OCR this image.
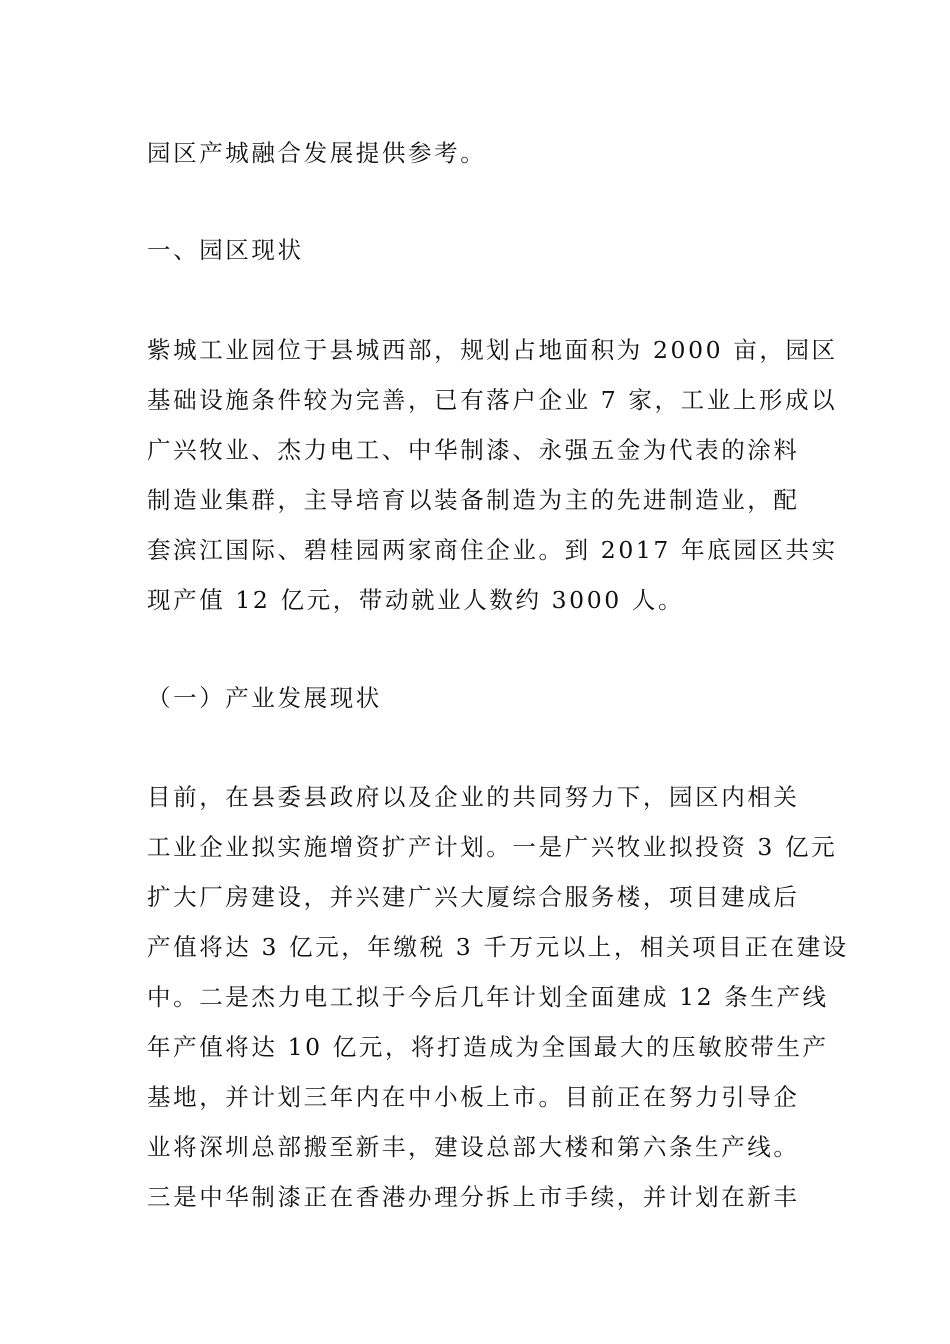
园区产城融合发展提供参考。

一、园区现状

紫城工业园位于县城西部，规划占地面积为 2000 亩，园区
基础设施条件较为完善，已有落户企业 7 家，工业上形成以
广兴牧业、杰力电工、中华制漆、永强五金为代表的涂料
制造业集群，主导培育以装备制造为主的先进制造业，配
套滨江国际、碧桂园两家商住企业。到 2017 年底园区共实
现产值 12 亿元，带动就业人数约 3000 人。

（一）产业发展现状

目前，在县委县政府以及企业的共同努力下，园区内相关
工业企业拟实施增资扩产计划。一是广兴牧业拟投资 3 亿元
扩大厂房建设，并兴建广兴大厦综合服务楼，项目建成后
产值将达 3 亿元，年缴税 3 千万元以上，相关项目正在建设
中。二是杰力电工拟于今后几年计划全面建成 12 条生产线
年产值将达 10 亿元，将打造成为全国最大的压敏胶带生产
基地，并计划三年内在中小板上市。目前正在努力引导企
业将深圳总部搬至新丰，建设总部大楼和第六条生产线。
三是中华制漆正在香港办理分拆上市手续，并计划在新丰
